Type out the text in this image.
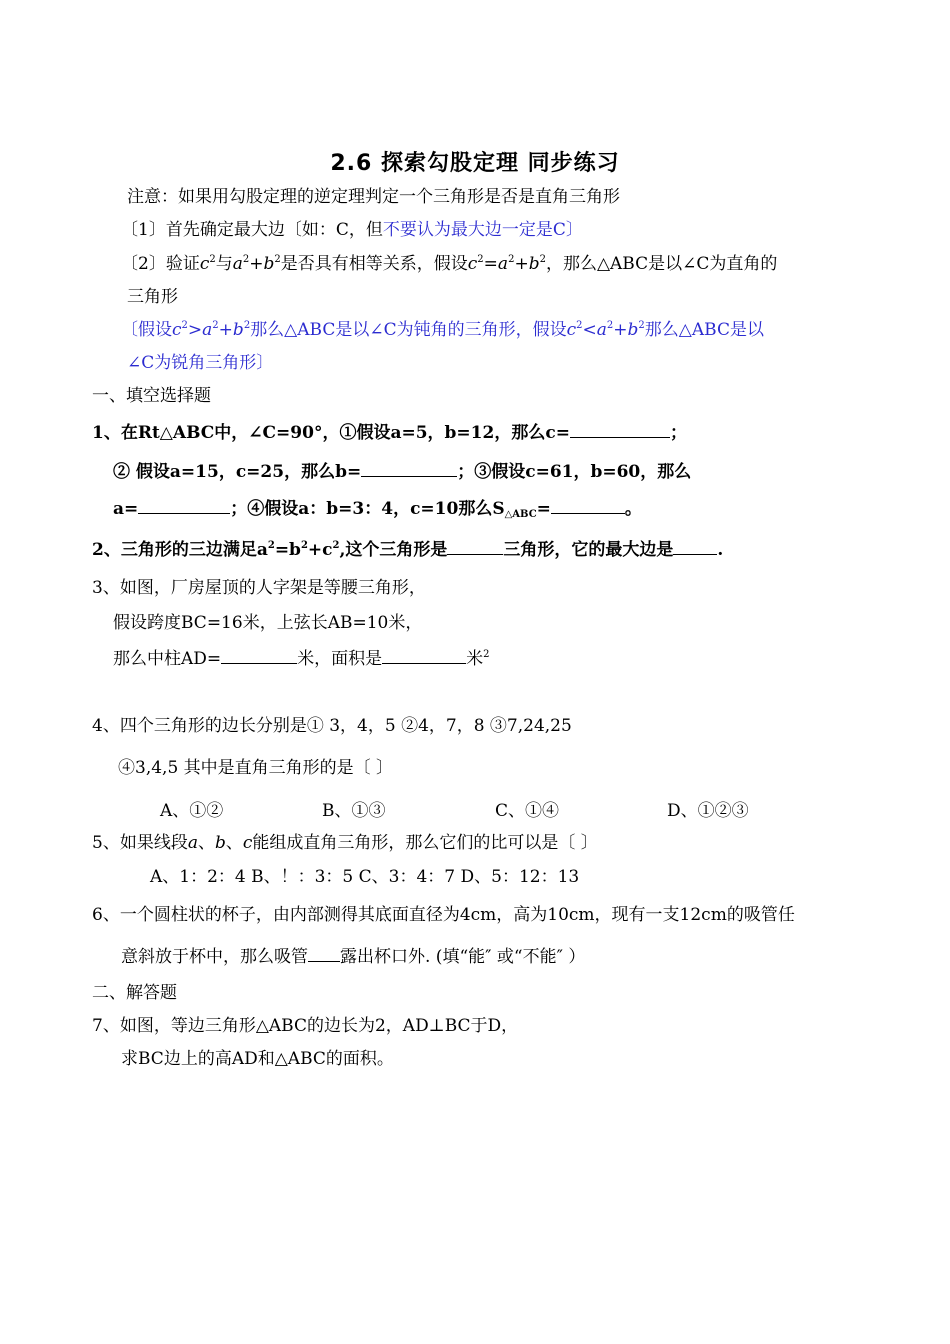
2.6 探索勾股定理 同步练习
注意：如果用勾股定理的逆定理判定一个三角形是否是直角三角形
〔1〕首先确定最大边〔如：C，但不要认为最大边一定是C〕
〔2〕验证$c^2$与$a^2+b^2$是否具有相等关系，假设$c^2=a^2+b^2$，那么△ABC是以∠C为直角的
三角形
〔假设$c^2>a^2+b^2$那么△ABC是以∠C为钝角的三角形，假设$c^2<a^2+b^2$那么△ABC是以
∠C为锐角三角形〕
一、填空选择题
1、在Rt△ABC中，∠C=90°，①假设a=5，b=12，那么c=	；
② 假设a=15，c=25，那么b=	；③假设c=61，b=60，那么
a=	；④假设a：b=3：4，c=10那么$S_{\triangle ABC}=$	。
2、三角形的三边满足$a^2=b^2+c^2$,这个三角形是	三角形，它的最大边是	.
3、如图，厂房屋顶的人字架是等腰三角形，
假设跨度BC=16米，上弦长AB=10米，
那么中柱AD=	米，面积是	米$^2$
4、四个三角形的边长分别是① 3，4，5 ②4，7，8 ③7,24,25
④3,4,5 其中是直角三角形的是〔 〕
A、①②	B、①③	C、①④	D、①②③
5、如果线段a、b、c能组成直角三角形，那么它们的比可以是〔 〕
A、1：2：4 B、！：3：5 C、3：4：7 D、5：12：13
6、一个圆柱状的杯子，由内部测得其底面直径为4cm，高为10cm，现有一支12cm的吸管任
意斜放于杯中，那么吸管 露出杯口外. (填“能″ 或“不能″ ）
二、解答题
7、如图，等边三角形△ABC的边长为2，AD⊥BC于D，
求BC边上的高AD和△ABC的面积。
